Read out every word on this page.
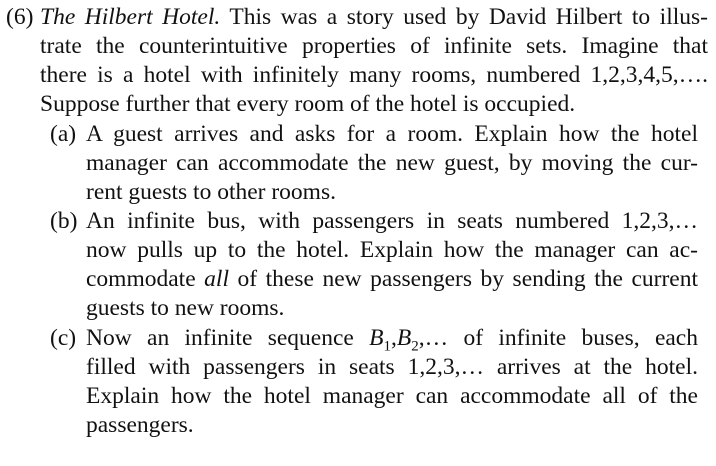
(6) The Hilbert Hotel. This was a story used by David Hilbert to illus-
trate the counterintuitive properties of infinite sets. Imagine that
there is a hotel with infinitely many rooms, numbered 1,2,3,4,5,….
Suppose further that every room of the hotel is occupied.
(a) A guest arrives and asks for a room. Explain how the hotel
manager can accommodate the new guest, by moving the cur-
rent guests to other rooms.
(b) An infinite bus, with passengers in seats numbered 1,2,3,…
now pulls up to the hotel. Explain how the manager can ac-
commodate all of these new passengers by sending the current
guests to new rooms.
(c) Now an infinite sequence $B_1,B_2,\dots$ of infinite buses, each
filled with passengers in seats 1,2,3,… arrives at the hotel.
Explain how the hotel manager can accommodate all of the
passengers.
